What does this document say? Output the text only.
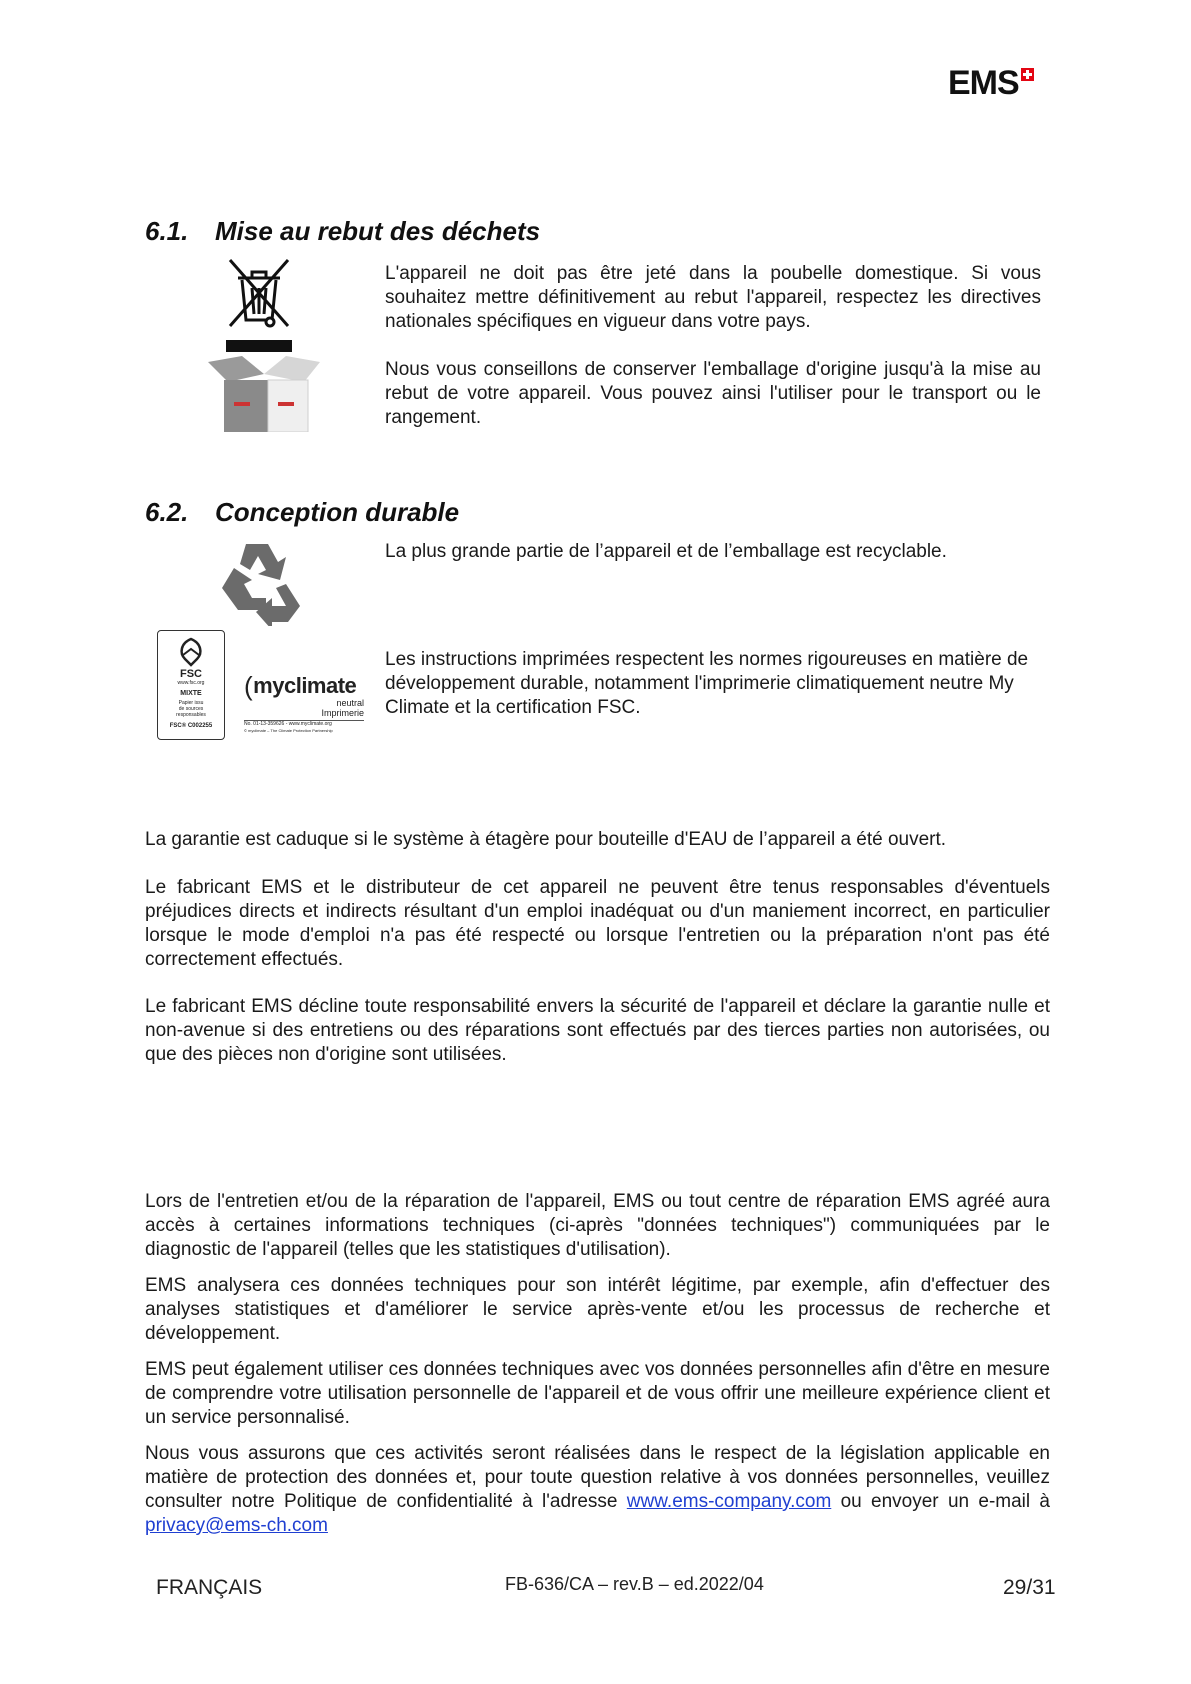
EMS
6.1.	Mise au rebut des déchets

L'appareil ne doit pas être jeté dans la poubelle domestique. Si vous souhaitez mettre définitivement au rebut l'appareil, respectez les directives nationales spécifiques en vigueur dans votre pays.

Nous vous conseillons de conserver l'emballage d'origine jusqu'à la mise au rebut de votre appareil. Vous pouvez ainsi l'utiliser pour le transport ou le rangement.

6.2.	Conception durable

La plus grande partie de l’appareil et de l’emballage est recyclable.

FSC
www.fsc.org
MIXTE
Papier issu
de sources
responsables
FSC® C002255
( myclimate
neutral
Imprimerie
No. 01-13-359626 - www.myclimate.org
© myclimate – The Climate Protection Partnership

Les instructions imprimées respectent les normes rigoureuses en matière de développement durable, notamment l'imprimerie climatiquement neutre My Climate et la certification FSC.

La garantie est caduque si le système à étagère pour bouteille d'EAU de l’appareil a été ouvert.

Le fabricant EMS et le distributeur de cet appareil ne peuvent être tenus responsables d'éventuels préjudices directs et indirects résultant d'un emploi inadéquat ou d'un maniement incorrect, en particulier lorsque le mode d'emploi n'a pas été respecté ou lorsque l'entretien ou la préparation n'ont pas été correctement effectués.

Le fabricant EMS décline toute responsabilité envers la sécurité de l'appareil et déclare la garantie nulle et non-avenue si des entretiens ou des réparations sont effectués par des tierces parties non autorisées, ou que des pièces non d'origine sont utilisées.

Lors de l'entretien et/ou de la réparation de l'appareil, EMS ou tout centre de réparation EMS agréé aura accès à certaines informations techniques (ci-après "données techniques") communiquées par le diagnostic de l'appareil (telles que les statistiques d'utilisation).

EMS analysera ces données techniques pour son intérêt légitime, par exemple, afin d'effectuer des analyses statistiques et d'améliorer le service après-vente et/ou les processus de recherche et développement.

EMS peut également utiliser ces données techniques avec vos données personnelles afin d'être en mesure de comprendre votre utilisation personnelle de l'appareil et de vous offrir une meilleure expérience client et un service personnalisé.

Nous vous assurons que ces activités seront réalisées dans le respect de la législation applicable en matière de protection des données et, pour toute question relative à vos données personnelles, veuillez consulter notre Politique de confidentialité à l'adresse www.ems-company.com ou envoyer un e-mail à privacy@ems-ch.com

FRANÇAIS	FB-636/CA – rev.B – ed.2022/04	29/31
